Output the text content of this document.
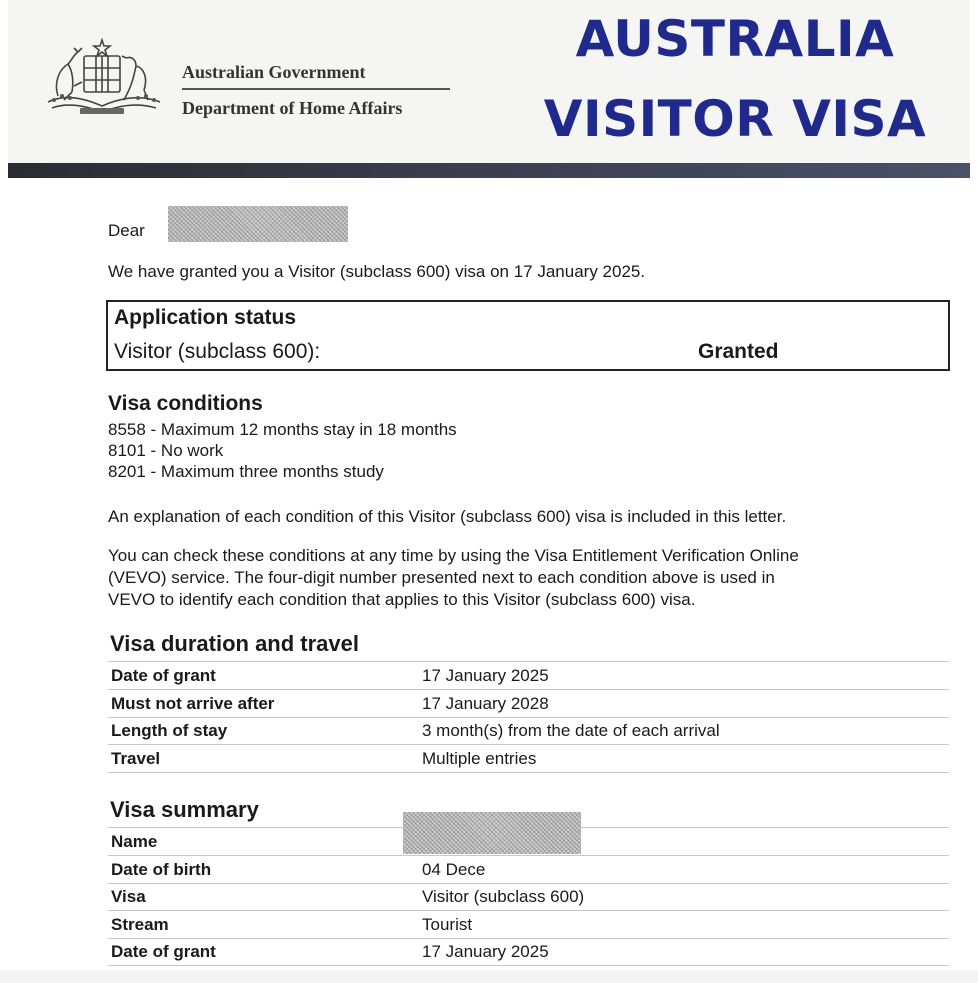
Australian Government
Department of Home Affairs
AUSTRALIA
VISITOR VISA
Dear
We have granted you a Visitor (subclass 600) visa on 17 January 2025.
Application status
Visitor (subclass 600):	Granted
Visa conditions
8558 - Maximum 12 months stay in 18 months
8101 - No work
8201 - Maximum three months study
An explanation of each condition of this Visitor (subclass 600) visa is included in this letter.
You can check these conditions at any time by using the Visa Entitlement Verification Online
(VEVO) service. The four-digit number presented next to each condition above is used in
VEVO to identify each condition that applies to this Visitor (subclass 600) visa.
Visa duration and travel
Date of grant	17 January 2025
Must not arrive after	17 January 2028
Length of stay	3 month(s) from the date of each arrival
Travel	Multiple entries
Visa summary
Name
Date of birth	04 Dece
Visa	Visitor (subclass 600)
Stream	Tourist
Date of grant	17 January 2025
